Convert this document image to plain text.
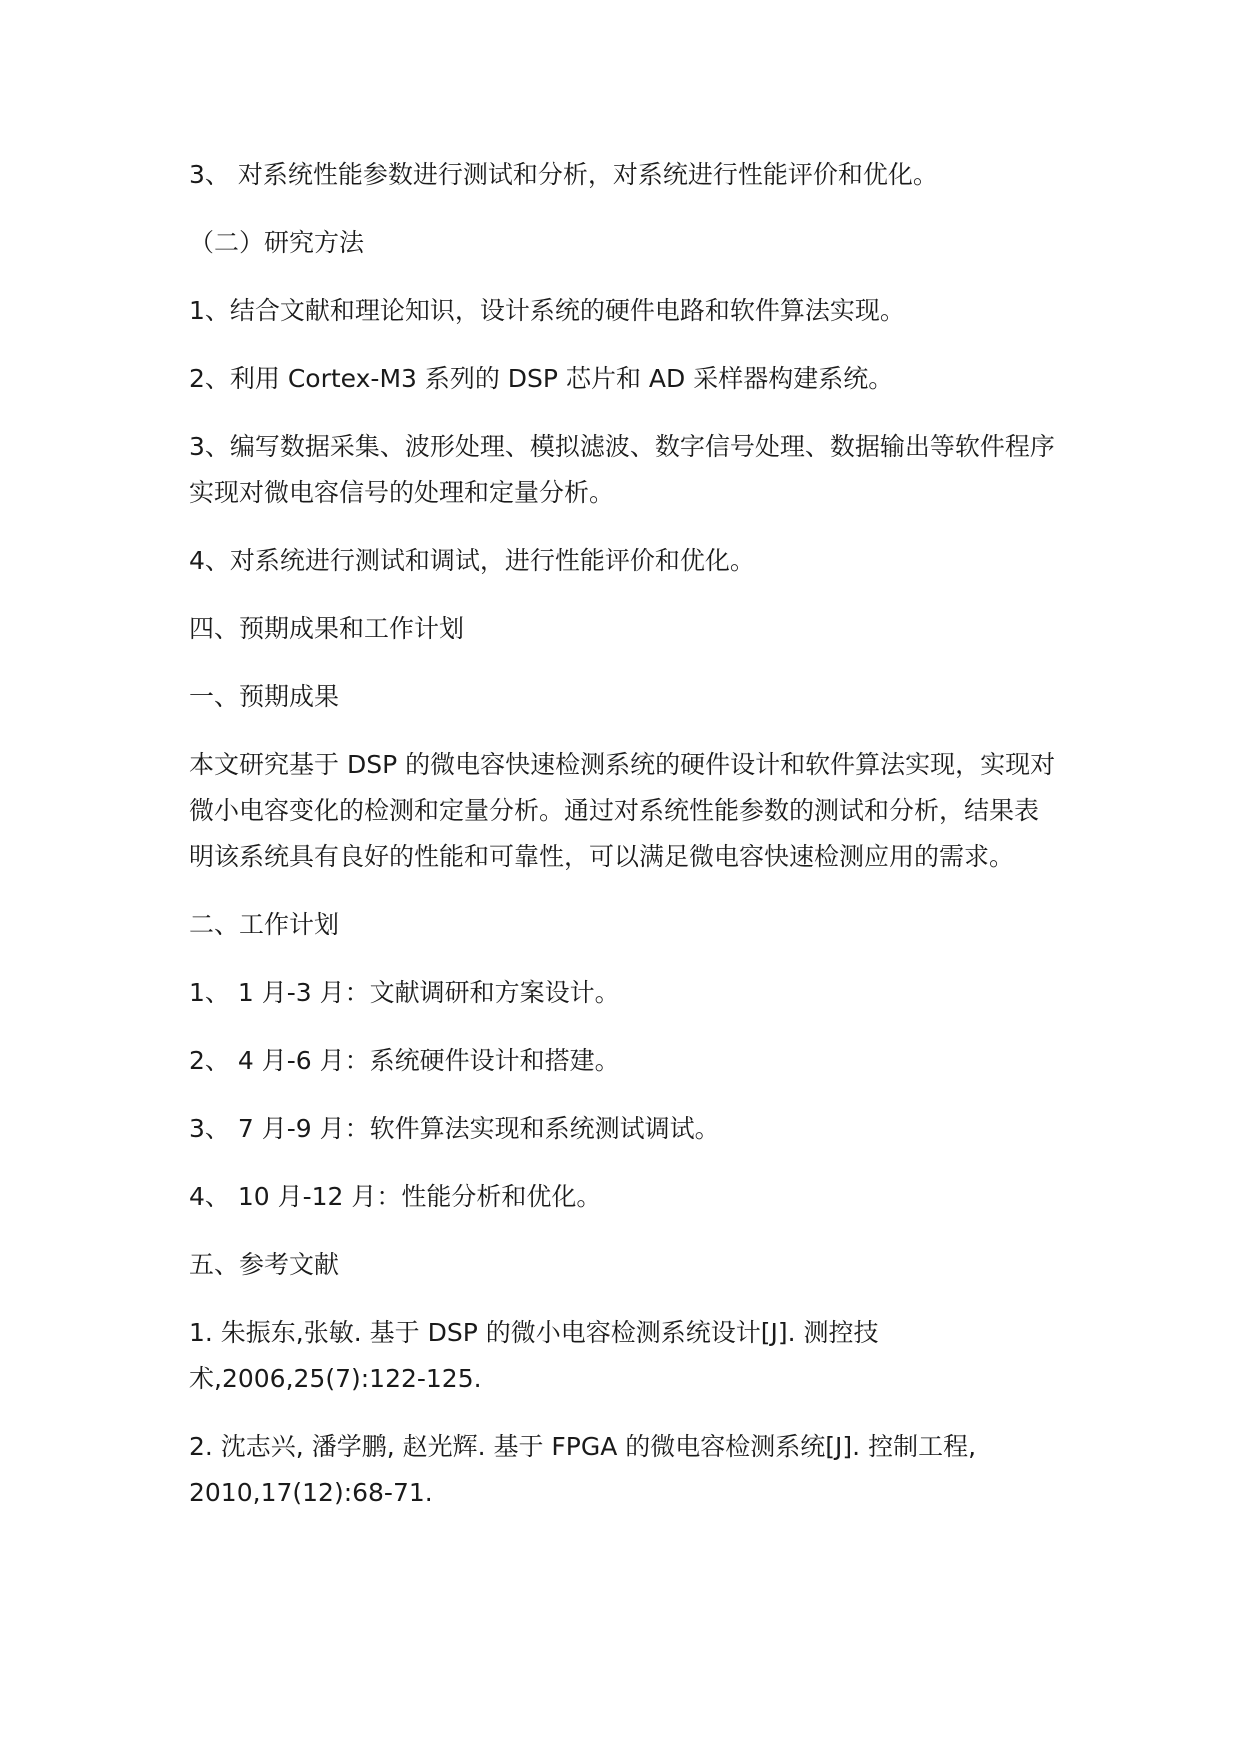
3、 对系统性能参数进行测试和分析，对系统进行性能评价和优化。

（二）研究方法

1、结合文献和理论知识，设计系统的硬件电路和软件算法实现。

2、利用 Cortex-M3 系列的 DSP 芯片和 AD 采样器构建系统。

3、编写数据采集、波形处理、模拟滤波、数字信号处理、数据输出等软件程序实现对微电容信号的处理和定量分析。

4、对系统进行测试和调试，进行性能评价和优化。

四、预期成果和工作计划

一、预期成果

本文研究基于 DSP 的微电容快速检测系统的硬件设计和软件算法实现，实现对微小电容变化的检测和定量分析。通过对系统性能参数的测试和分析，结果表明该系统具有良好的性能和可靠性，可以满足微电容快速检测应用的需求。

二、工作计划

1、 1 月-3 月：文献调研和方案设计。

2、 4 月-6 月：系统硬件设计和搭建。

3、 7 月-9 月：软件算法实现和系统测试调试。

4、 10 月-12 月：性能分析和优化。

五、参考文献

1. 朱振东,张敏. 基于 DSP 的微小电容检测系统设计[J]. 测控技术,2006,25(7):122-125.

2. 沈志兴, 潘学鹏, 赵光辉. 基于 FPGA 的微电容检测系统[J]. 控制工程, 2010,17(12):68-71.
